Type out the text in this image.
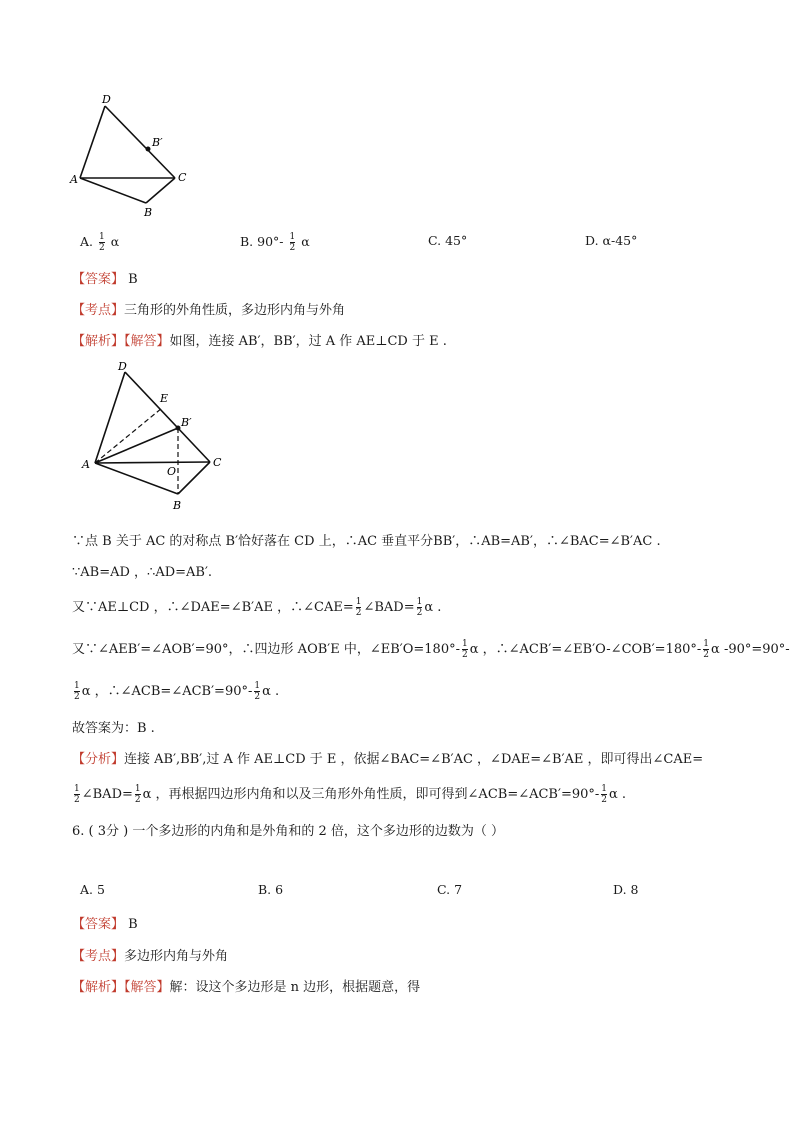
D
B′
A	C
B
A. $\frac{1}{2}$ α	B. $90^\circ- \frac{1}{2}$ α	C. 45°	D. α-45°
【答案】 B
【考点】三角形的外角性质，多边形内角与外角
【解析】【解答】如图，连接 AB′，BB′，过 A 作 AE⊥CD 于 E .
D
E
B′
A
O
C
B
∵点 B 关于 AC 的对称点 B′恰好落在 CD 上，∴AC 垂直平分BB′，∴AB=AB′，∴∠BAC=∠B′AC .
∵AB=AD ，∴AD=AB′.
又∵AE⊥CD ，∴∠DAE=∠B′AE ，∴∠CAE= $\frac{1}{2}$ ∠BAD= $\frac{1}{2}$ α .
又∵∠AEB′=∠AOB′=90°，∴四边形 AOB′E 中，∠EB′O=180°- $\frac{1}{2}$ α ，∴∠ACB′=∠EB′O-∠COB′=180°- $\frac{1}{2}$ α -90°=90°-
$\frac{1}{2}$ α ，∴∠ACB=∠ACB′=90°- $\frac{1}{2}$ α .
故答案为：B .
【分析】连接 AB′,BB′,过 A 作 AE⊥CD 于 E ，依据∠BAC=∠B′AC ，∠DAE=∠B′AE ，即可得出∠CAE=
$\frac{1}{2}$ ∠BAD= $\frac{1}{2}$ α ，再根据四边形内角和以及三角形外角性质，即可得到∠ACB=∠ACB′=90°- $\frac{1}{2}$ α .
6. ( 3分 ) 一个多边形的内角和是外角和的 2 倍，这个多边形的边数为（ ）
A. 5	B. 6	C. 7	D. 8
【答案】 B
【考点】多边形内角与外角
【解析】【解答】解：设这个多边形是 n 边形，根据题意，得
